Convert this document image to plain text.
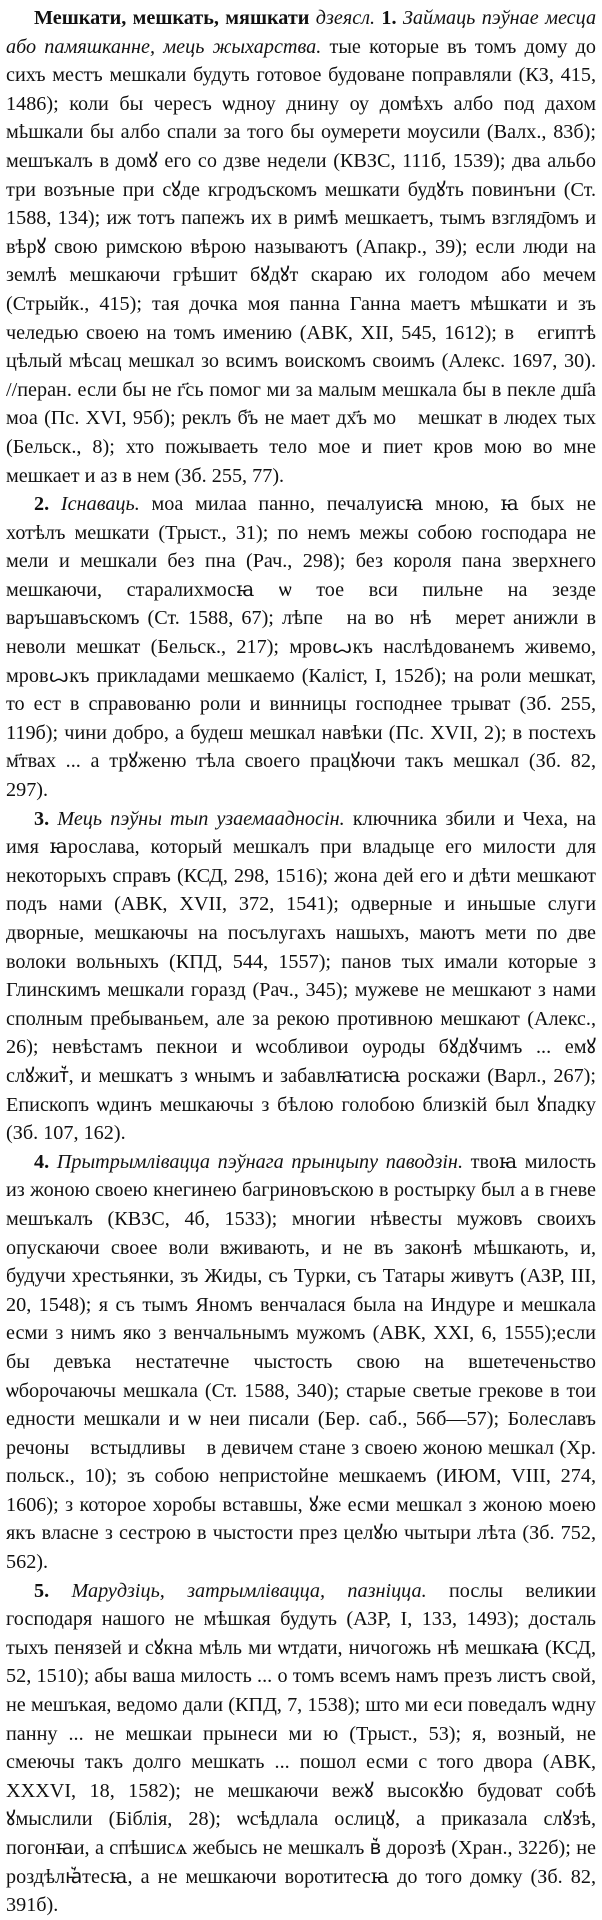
Мешкати, мешкать, мяшкати дзеясл. 1. Займаць пэўнае месца або памяшканне, мець жыхарства. тые которые въ томъ дому до сихъ местъ мешкали будуть готовое будоване поправляли (КЗ, 415, 1486); коли бы чересъ ѡдноу днину оу домѣхъ албо под дахом мҍшкали бы албо спали за того бы оумерети моусили (Валх., 83б); мешъкалъ в домꙋ его со дзве недели (КВЗС, 111б, 1539); два альбо три возъные при сꙋде кгродъскомъ мешкати будꙋть повинъни (Ст. 1588, 134); иж тотъ папежъ их в римѣ мешкаетъ, тымъ взгляд̄омъ и вѣрꙋ свою римскою вѣрою называютъ (Апакр., 39); если люди на землѣ мешкаючи грѣшит бꙋдꙋт скараю их голодом або мечем (Стрыйк., 415); тая дочка моя панна Ганна маетъ мѣшкати и зъ челедью своею на томъ имению (АВК, XII, 545, 1612); в꙽ египтѣ цѣлый мѣсац мешкал зо всимъ воискомъ своимъ (Алекс. 1697, 30). //перан. если бы не г҃сь помог ми за малым мешкала бы в пекле дш҃а моа (Пс. XVI, 95б); реклъ б҃ъ не мает дх҃ъ мо꙽ мешкат в людех тых (Бельск., 8); хто пожываеть тело мое и пиет кров мою во мне мешкает и аз в нем (Зб. 255, 77).

2. Існаваць. моа милаа панно, печалуисꙗ мною, ꙗ бых не хотѣлъ мешкати (Трыст., 31); по немъ межы собою господара не мели и мешкали без пна (Рач., 298); без короля пана зверхнего мешкаючи, старалихмосꙗ ѡ тое вси пильне на зезде варъшавъскомъ (Ст. 1588, 67); лѣпе꙽ на во꙽нѣ ꙋмерет анижли в неволи мешкат (Бельск., 217); мровꙍкъ наслѣдованемъ живемо, мровꙍкъ прикладами мешкаемо (Каліст, І, 152б); на роли мешкат, то ест в справованю роли и винницы господнее трыват (Зб. 255, 119б); чини добро, а будеш мешкал навѣки (Пс. XVII, 2); в постехъ м҃твах ... а трꙋженю тѣла своего працꙋючи такъ мешкал (Зб. 82, 297).

3. Мець пэўны тып узаемаадносін. ключника збили и Чеха, на имя ꙗрослава, который мешкалъ при владыце его милости для некоторыхъ справъ (КСД, 298, 1516); жона дей его и дѣти мешкают подъ нами (АВК, XVII, 372, 1541); одверные и иньшые слуги дворные, мешкаючы на посълугахъ нашыхъ, маютъ мети по две волоки вольныхъ (КПД, 544, 1557); панов тых имали которые з Глинскимъ мешкали горазд (Рач., 345); мужеве не мешкают з нами сполным пребываньем, але за рекою противною мешкают (Алекс., 26); невѣстамъ пекнои и ѡсобливои оуроды бꙋдꙋчимъ ... емꙋ слꙋжит꙽, и мешкатъ з ѡнымъ и забавлꙗтисꙗ роскажи (Варл., 267); Епископъ ѡдинъ мешкаючы з бѣлою голобою близкій был ꙋпадку (Зб. 107, 162).

4. Прытрымлівацца пэўнага прынцыпу паводзін. твоꙗ милость из жоною своею кнегинею багриновъскою в ростырку был а в гневе мешъкалъ (КВЗС, 4б, 1533); многии нѣвесты мужовъ своихъ опускаючи своее воли вживають, и не въ законѣ мѣшкають, и, будучи хрестьянки, зъ Жиды, съ Турки, съ Татары живутъ (АЗР, III, 20, 1548); я съ тымъ Яномъ венчалася была на Индуре и мешкала есми з нимъ яко з венчальнымъ мужомъ (АВК, XXI, 6, 1555);если бы девъка нестатечне чыстость свою на вшетеченьство ѡборочаючы мешкала (Ст. 1588, 340); старые светые грекове в тои едности мешкали и ѡ неи писали (Бер. саб., 56б—57); Болеславъ речоны꙽ встыдливы꙽ в девичем стане з своею жоною мешкал (Хр. польск., 10); зъ собою непристойне мешкаемъ (ИЮМ, VIII, 274, 1606); з которое хоробы вставшы, ꙋже есми мешкал з жоною моею якъ власне з сестрою в чыстости през целꙋю чытыри лѣта (Зб. 752, 562).

5. Марудзіць, затрымлівацца, пазніцца. послы великии господаря нашого не мѣшкая будуть (АЗР, І, 133, 1493); досталь тыхъ пенязей и сꙋкна мѣль ми ѡтдати, ничогожь нѣ мешкаꙗ (КСД, 52, 1510); абы ваша милость ... о томъ всемъ намъ презъ листъ свой, не мешъкая, ведомо дали (КПД, 7, 1538); што ми еси поведалъ ѡдну панну ... не мешкаи прынеси ми ю (Трыст., 53); я, возный, не смеючы такъ долго мешкать ... пошол есми с того двора (АВК, XXXVI, 18, 1582); не мешкаючи вежꙋ высокꙋю будоват собѣ ꙋмыслили (Біблія, 28); ѡсѣдлала ослицꙋ, а приказала слꙋзѣ, погонꙗи, а спѣшисѧ жебысь не мешкалъ в꙽ дорозѣ (Хран., 322б); не роздѣлꙗ꙽тесꙗ, а не мешкаючи воротитесꙗ до того домку (Зб. 82, 391б).
